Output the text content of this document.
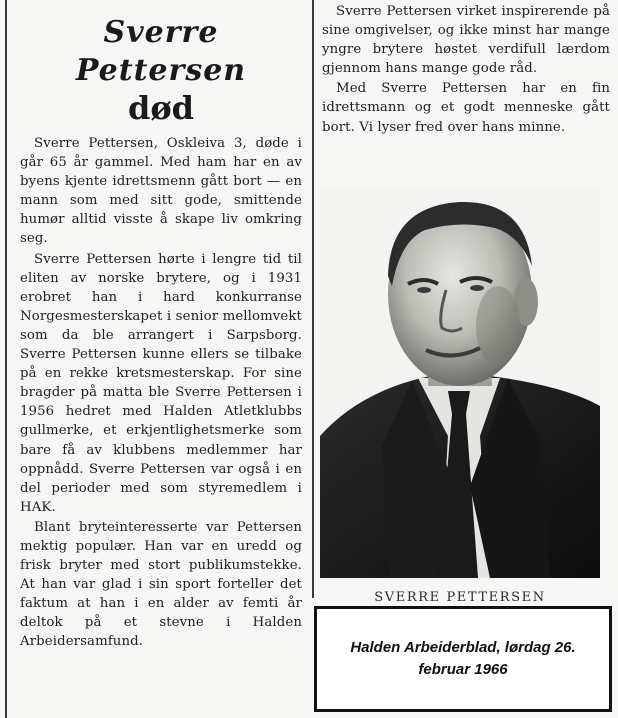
Sverre Pettersen
død

Sverre Pettersen, Oskleiva 3, døde i går 65 år gammel. Med ham har en av byens kjente idrettsmenn gått bort — en mann som med sitt gode, smittende humør alltid visste å skape liv omkring seg.

Sverre Pettersen hørte i lengre tid til eliten av norske brytere, og i 1931 erobret han i hard konkurranse Norgesmesterskapet i senior mellomvekt som da ble arrangert i Sarpsborg. Sverre Pettersen kunne ellers se tilbake på en rekke kretsmesterskap. For sine bragder på matta ble Sverre Pettersen i 1956 hedret med Halden Atletklubbs gullmerke, et erkjentlighetsmerke som bare få av klubbens medlemmer har oppnådd. Sverre Pettersen var også i en del perioder med som styremedlem i HAK.

Blant bryteinteresserte var Pettersen mektig populær. Han var en uredd og frisk bryter med stort publikumstekke. At han var glad i sin sport forteller det faktum at han i en alder av femti år deltok på et stevne i Halden Arbeidersamfund.

Sverre Pettersen virket inspirerende på sine omgivelser, og ikke minst har mange yngre brytere høstet verdifull lærdom gjennom hans mange gode råd.

Med Sverre Pettersen har en fin idrettsmann og et godt menneske gått bort. Vi lyser fred over hans minne.

SVERRE PETTERSEN
Halden Arbeiderblad, lørdag 26.
februar 1966
